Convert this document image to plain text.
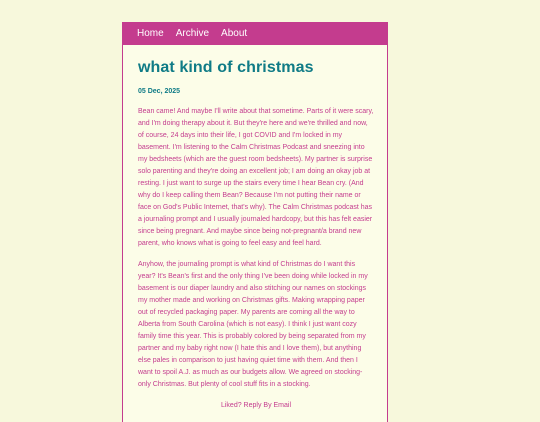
Home Archive About
what kind of christmas
05 Dec, 2025

Bean came! And maybe I'll write about that sometime. Parts of it were scary, and I'm doing therapy about it. But they're here and we're thrilled and now, of course, 24 days into their life, I got COVID and I'm locked in my basement. I'm listening to the Calm Christmas Podcast and sneezing into my bedsheets (which are the guest room bedsheets). My partner is surprise solo parenting and they're doing an excellent job; I am doing an okay job at resting. I just want to surge up the stairs every time I hear Bean cry. (And why do I keep calling them Bean? Because I'm not putting their name or face on God's Public Internet, that's why). The Calm Christmas podcast has a journaling prompt and I usually journaled hardcopy, but this has felt easier since being pregnant. And maybe since being not-pregnant/a brand new parent, who knows what is going to feel easy and feel hard.

Anyhow, the journaling prompt is what kind of Christmas do I want this year? It's Bean's first and the only thing I've been doing while locked in my basement is our diaper laundry and also stitching our names on stockings my mother made and working on Christmas gifts. Making wrapping paper out of recycled packaging paper. My parents are coming all the way to Alberta from South Carolina (which is not easy). I think I just want cozy family time this year. This is probably colored by being separated from my partner and my baby right now (I hate this and I love them), but anything else pales in comparison to just having quiet time with them. And then I want to spoil A.J. as much as our budgets allow. We agreed on stocking-only Christmas. But plenty of cool stuff fits in a stocking.

Liked? Reply By Email
